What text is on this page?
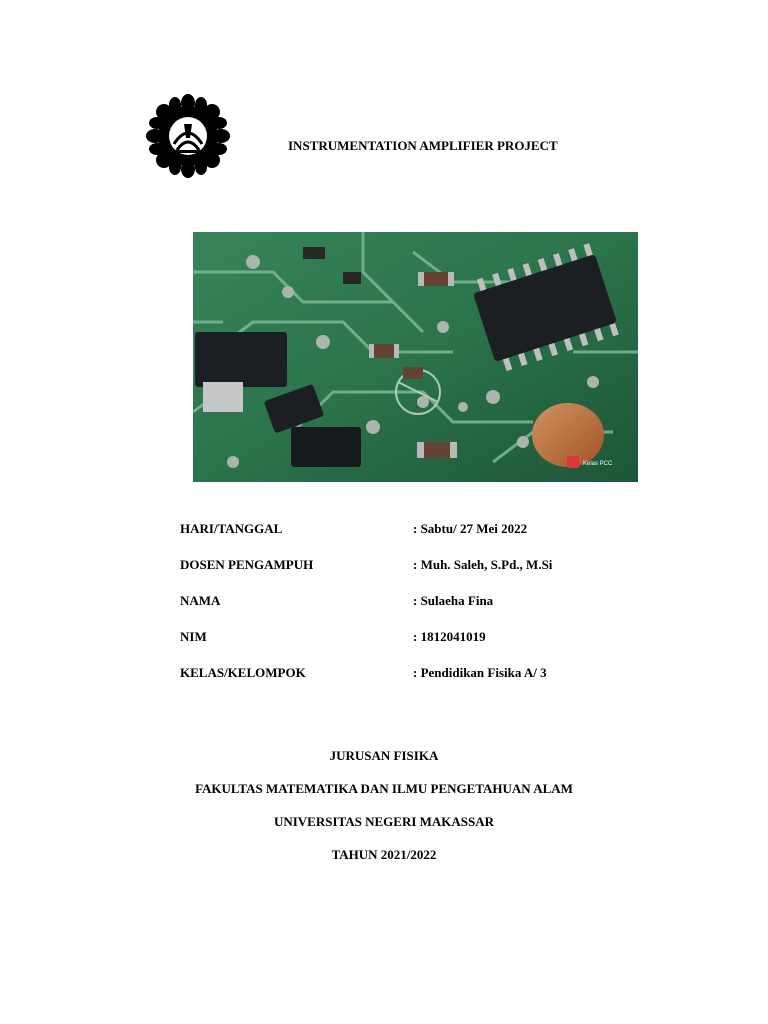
INSTRUMENTATION AMPLIFIER PROJECT
Kelas PCC
HARI/TANGGAL	: Sabtu/ 27 Mei 2022
DOSEN PENGAMPUH	: Muh. Saleh, S.Pd., M.Si
NAMA	: Sulaeha Fina
NIM	: 1812041019
KELAS/KELOMPOK	: Pendidikan Fisika A/ 3
JURUSAN FISIKA
FAKULTAS MATEMATIKA DAN ILMU PENGETAHUAN ALAM
UNIVERSITAS NEGERI MAKASSAR
TAHUN 2021/2022
